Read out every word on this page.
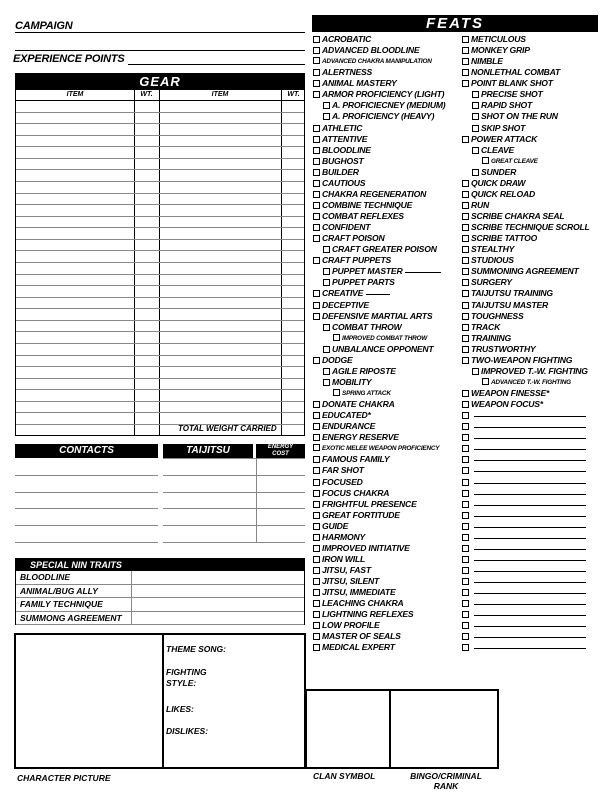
CAMPAIGN
EXPERIENCE POINTS
GEAR
ITEM	WT.	ITEM	WT.
TOTAL WEIGHT CARRIED
CONTACTS	TAIJITSU	ENERGY COST
SPECIAL NIN TRAITS
BLOODLINE
ANIMAL/BUG ALLY
FAMILY TECHNIQUE
SUMMONG AGREEMENT
THEME SONG:
FIGHTING STYLE:
LIKES:
DISLIKES:
CHARACTER PICTURE	CLAN SYMBOL	BINGO/CRIMINAL RANK
FEATS
ACROBATIC
ADVANCED BLOODLINE
ADVANCED CHAKRA MANIPULATION
ALERTNESS
ANIMAL MASTERY
ARMOR PROFICIENCY (LIGHT)
A. PROFICIECNEY (MEDIUM)
A. PROFICIENCY (HEAVY)
ATHLETIC
ATTENTIVE
BLOODLINE
BUGHOST
BUILDER
CAUTIOUS
CHAKRA REGENERATION
COMBINE TECHNIQUE
COMBAT REFLEXES
CONFIDENT
CRAFT POISON
CRAFT GREATER POISON
CRAFT PUPPETS
PUPPET MASTER
PUPPET PARTS
CREATIVE
DECEPTIVE
DEFENSIVE MARTIAL ARTS
COMBAT THROW
IMPROVED COMBAT THROW
UNBALANCE OPPONENT
DODGE
AGILE RIPOSTE
MOBILITY
SPRING ATTACK
DONATE CHAKRA
EDUCATED*
ENDURANCE
ENERGY RESERVE
EXOTIC MELEE WEAPON PROFICIENCY
FAMOUS FAMILY
FAR SHOT
FOCUSED
FOCUS CHAKRA
FRIGHTFUL PRESENCE
GREAT FORTITUDE
GUIDE
HARMONY
IMPROVED INITIATIVE
IRON WILL
JITSU, FAST
JITSU, SILENT
JITSU, IMMEDIATE
LEACHING CHAKRA
LIGHTNING REFLEXES
LOW PROFILE
MASTER OF SEALS
MEDICAL EXPERT
METICULOUS
MONKEY GRIP
NIMBLE
NONLETHAL COMBAT
POINT BLANK SHOT
PRECISE SHOT
RAPID SHOT
SHOT ON THE RUN
SKIP SHOT
POWER ATTACK
CLEAVE
GREAT CLEAVE
SUNDER
QUICK DRAW
QUICK RELOAD
RUN
SCRIBE CHAKRA SEAL
SCRIBE TECHNIQUE SCROLL
SCRIBE TATTOO
STEALTHY
STUDIOUS
SUMMONING AGREEMENT
SURGERY
TAIJUTSU TRAINING
TAIJUTSU MASTER
TOUGHNESS
TRACK
TRAINING
TRUSTWORTHY
TWO-WEAPON FIGHTING
IMPROVED T.-W. FIGHTING
ADVANCED T.-W. FIGHTING
WEAPON FINESSE*
WEAPON FOCUS*
